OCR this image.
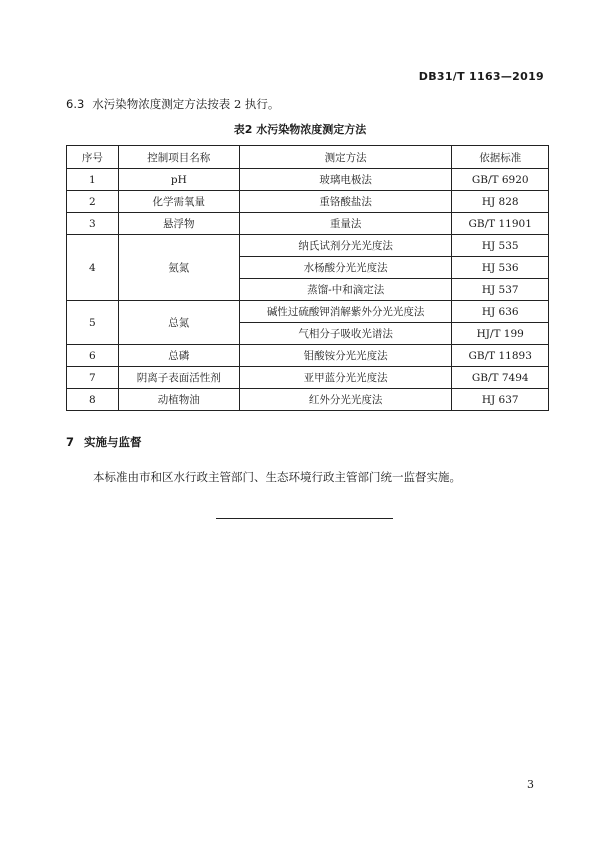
DB31/T 1163—2019
6.3 水污染物浓度测定方法按表 2 执行。
表2 水污染物浓度测定方法
序号	控制项目名称	测定方法	依据标准
1	pH	玻璃电极法	GB/T 6920
2	化学需氧量	重铬酸盐法	HJ 828
3	悬浮物	重量法	GB/T 11901
4	氨氮	纳氏试剂分光光度法	HJ 535
		水杨酸分光光度法	HJ 536
		蒸馏-中和滴定法	HJ 537
5	总氮	碱性过硫酸钾消解紫外分光光度法	HJ 636
		气相分子吸收光谱法	HJ/T 199
6	总磷	钼酸铵分光光度法	GB/T 11893
7	阴离子表面活性剂	亚甲蓝分光光度法	GB/T 7494
8	动植物油	红外分光光度法	HJ 637
7 实施与监督
本标准由市和区水行政主管部门、生态环境行政主管部门统一监督实施。
3
